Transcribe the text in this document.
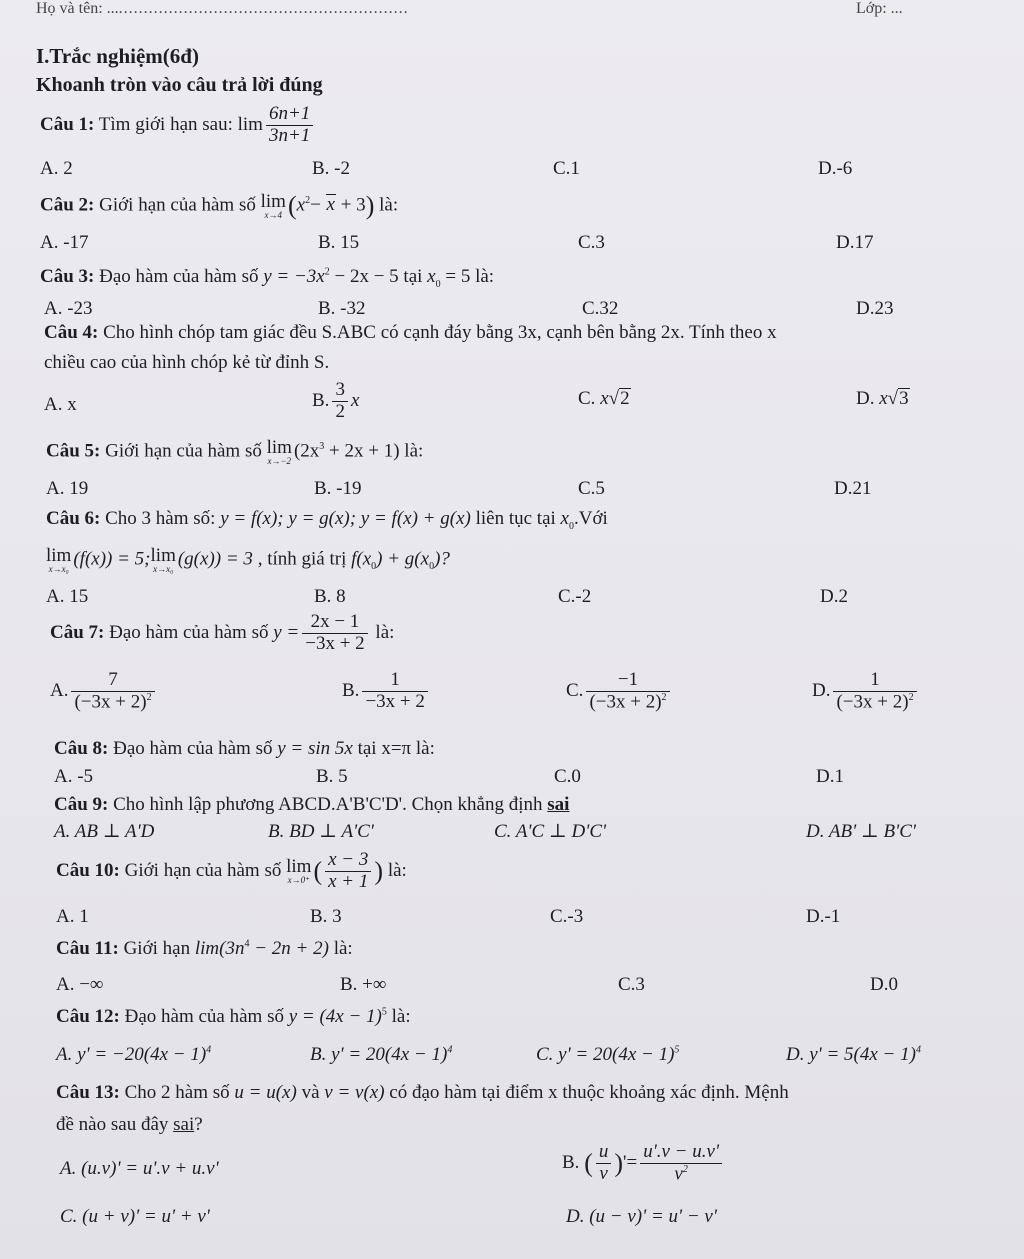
Họ và tên: .............................................................	Lớp: ...
I.Trắc nghiệm(6đ)
Khoanh tròn vào câu trả lời đúng
Câu 1: Tìm giới hạn sau: $\lim \frac{6n+1}{3n+1}$
A. 2	B. -2	C.1	D.-6
Câu 2: Giới hạn của hàm số lim
x→4 $(x^2- x + 3)$ là:
A. -17	B. 15	C.3	D.17
Câu 3: Đạo hàm của hàm số $y = -3x^2 - 2x - 5$ tại $x_0 = 5$ là:
A. -23	B. -32	C.32	D.23
Câu 4: Cho hình chóp tam giác đều S.ABC có cạnh đáy bằng 3x, cạnh bên bằng 2x. Tính theo x
chiều cao của hình chóp kẻ từ đỉnh S.
A. x	B. $\frac{3}{2}$ x	C. x√2	D. x√3
Câu 5: Giới hạn của hàm số lim
x→−2 $(2x^3 + 2x + 1)$ là:
A. 19	B. -19	C.5	D.21
Câu 6: Cho 3 hàm số: y = f(x); y = g(x); y = f(x) + g(x) liên tục tại $x_0.Với$
lim
x→x₀ (f(x)) = 5;lim
x→x₀ (g(x)) = 3 , tính giá trị $f(x_0) + g(x_0)$?
A. 15	B. 8	C.-2	D.2
Câu 7: Đạo hàm của hàm số $y = \frac{2x - 1}{-3x + 2}$ là:
A. $\frac{7}{(-3x + 2)^2}$	B. $\frac{1}{-3x + 2}$	C. $\frac{-1}{(-3x + 2)^2}$	D. $\frac{1}{(-3x + 2)^2}$
Câu 8: Đạo hàm của hàm số y = sin 5x tại x=π là:
A. -5	B. 5	C.0	D.1
Câu 9: Cho hình lập phương ABCD.A'B'C'D'. Chọn khẳng định sai
A. AB ⊥ A'D	B. BD ⊥ A'C'	C. A'C ⊥ D'C'	D. AB' ⊥ B'C'
Câu 10: Giới hạn của hàm số lim
x→0⁺ ( $\frac{x - 3}{x + 1}$ ) là:
A. 1	B. 3	C.-3	D.-1
Câu 11: Giới hạn $\lim(3n^4 - 2n + 2)$ là:
A. −∞	B. +∞	C.3	D.0
Câu 12: Đạo hàm của hàm số $y = (4x - 1)^5$ là:
A. $y' = -20(4x - 1)^4$	B. $y' = 20(4x - 1)^4$	C. $y' = 20(4x - 1)^5$	D. $y' = 5(4x - 1)^4$
Câu 13: Cho 2 hàm số u = u(x) và v = v(x) có đạo hàm tại điểm x thuộc khoảng xác định. Mệnh
đề nào sau đây sai?
A. (u.v)' = u'.v + u.v'	B. ( $\frac{u}{v}$ )'= $\frac{u'.v - u.v'}{v^2}$
C. (u + v)' = u' + v'	D. (u − v)' = u' − v'
